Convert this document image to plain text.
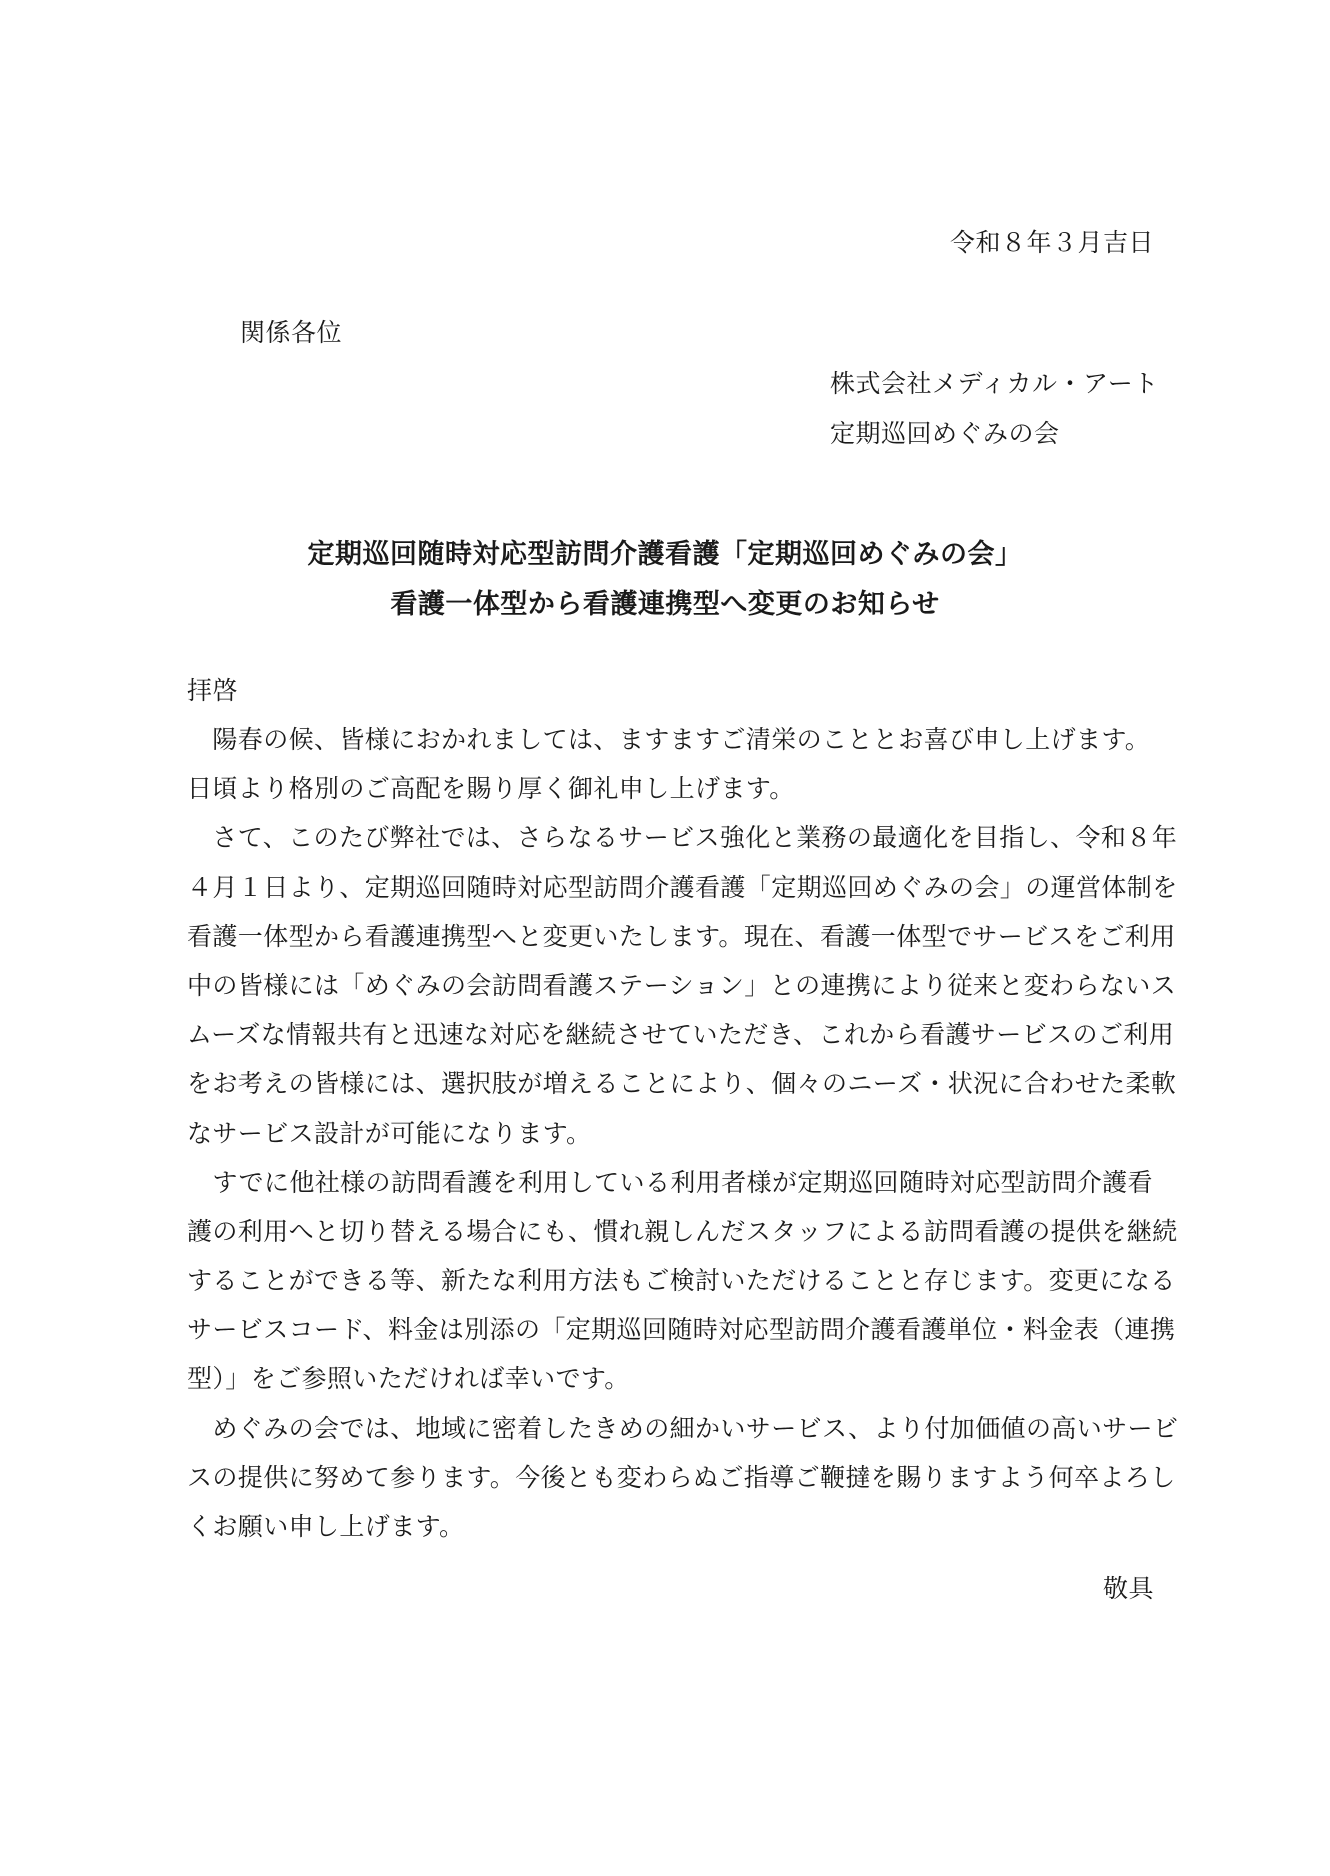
令和８年３月吉日
関係各位
株式会社メディカル・アート
定期巡回めぐみの会
定期巡回随時対応型訪問介護看護「定期巡回めぐみの会」
看護一体型から看護連携型へ変更のお知らせ
拝啓
　陽春の候、皆様におかれましては、ますますご清栄のこととお喜び申し上げます。
日頃より格別のご高配を賜り厚く御礼申し上げます。
　さて、このたび弊社では、さらなるサービス強化と業務の最適化を目指し、令和８年
４月１日より、定期巡回随時対応型訪問介護看護「定期巡回めぐみの会」の運営体制を
看護一体型から看護連携型へと変更いたします。現在、看護一体型でサービスをご利用
中の皆様には「めぐみの会訪問看護ステーション」との連携により従来と変わらないス
ムーズな情報共有と迅速な対応を継続させていただき、これから看護サービスのご利用
をお考えの皆様には、選択肢が増えることにより、個々のニーズ・状況に合わせた柔軟
なサービス設計が可能になります。
　すでに他社様の訪問看護を利用している利用者様が定期巡回随時対応型訪問介護看
護の利用へと切り替える場合にも、慣れ親しんだスタッフによる訪問看護の提供を継続
することができる等、新たな利用方法もご検討いただけることと存じます。変更になる
サービスコード、料金は別添の「定期巡回随時対応型訪問介護看護単位・料金表（連携
型）」をご参照いただければ幸いです。
　めぐみの会では、地域に密着したきめの細かいサービス、より付加価値の高いサービ
スの提供に努めて参ります。今後とも変わらぬご指導ご鞭撻を賜りますよう何卒よろし
くお願い申し上げます。
敬具
